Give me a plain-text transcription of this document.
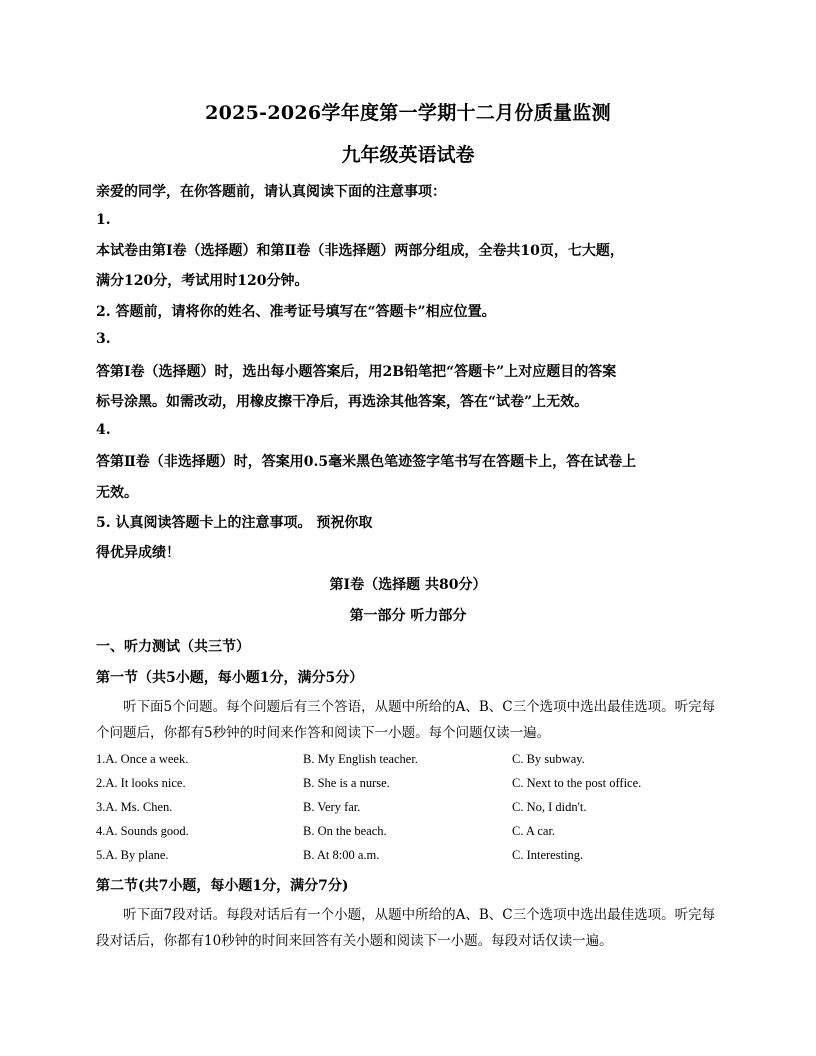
2025-2026学年度第一学期十二月份质量监测
九年级英语试卷
亲爱的同学，在你答题前，请认真阅读下面的注意事项：
1.
本试卷由第Ⅰ卷（选择题）和第Ⅱ卷（非选择题）两部分组成，全卷共10页，七大题，
满分120分，考试用时120分钟。
2. 答题前，请将你的姓名、准考证号填写在“答题卡”相应位置。
3.
答第Ⅰ卷（选择题）时，选出每小题答案后，用2B铅笔把“答题卡”上对应题目的答案
标号涂黑。如需改动，用橡皮擦干净后，再选涂其他答案，答在“试卷”上无效。
4.
答第Ⅱ卷（非选择题）时，答案用0.5毫米黑色笔迹签字笔书写在答题卡上，答在试卷上
无效。
5. 认真阅读答题卡上的注意事项。 预祝你取
得优异成绩！
第Ⅰ卷（选择题 共80分）
第一部分 听力部分
一、听力测试（共三节）
第一节（共5小题，每小题1分，满分5分）
听下面5个问题。每个问题后有三个答语，从题中所给的A、B、C三个选项中选出最佳选项。听完每个问题后，你都有5秒钟的时间来作答和阅读下一小题。每个问题仅读一遍。
1.A. Once a week.	B. My English teacher.	C. By subway.
2.A. It looks nice.	B. She is a nurse.	C. Next to the post office.
3.A. Ms. Chen.	B. Very far.	C. No, I didn't.
4.A. Sounds good.	B. On the beach.	C. A car.
5.A. By plane.	B. At 8:00 a.m.	C. Interesting.
第二节(共7小题，每小题1分，满分7分)
听下面7段对话。每段对话后有一个小题，从题中所给的A、B、C三个选项中选出最佳选项。听完每段对话后，你都有10秒钟的时间来回答有关小题和阅读下一小题。每段对话仅读一遍。
